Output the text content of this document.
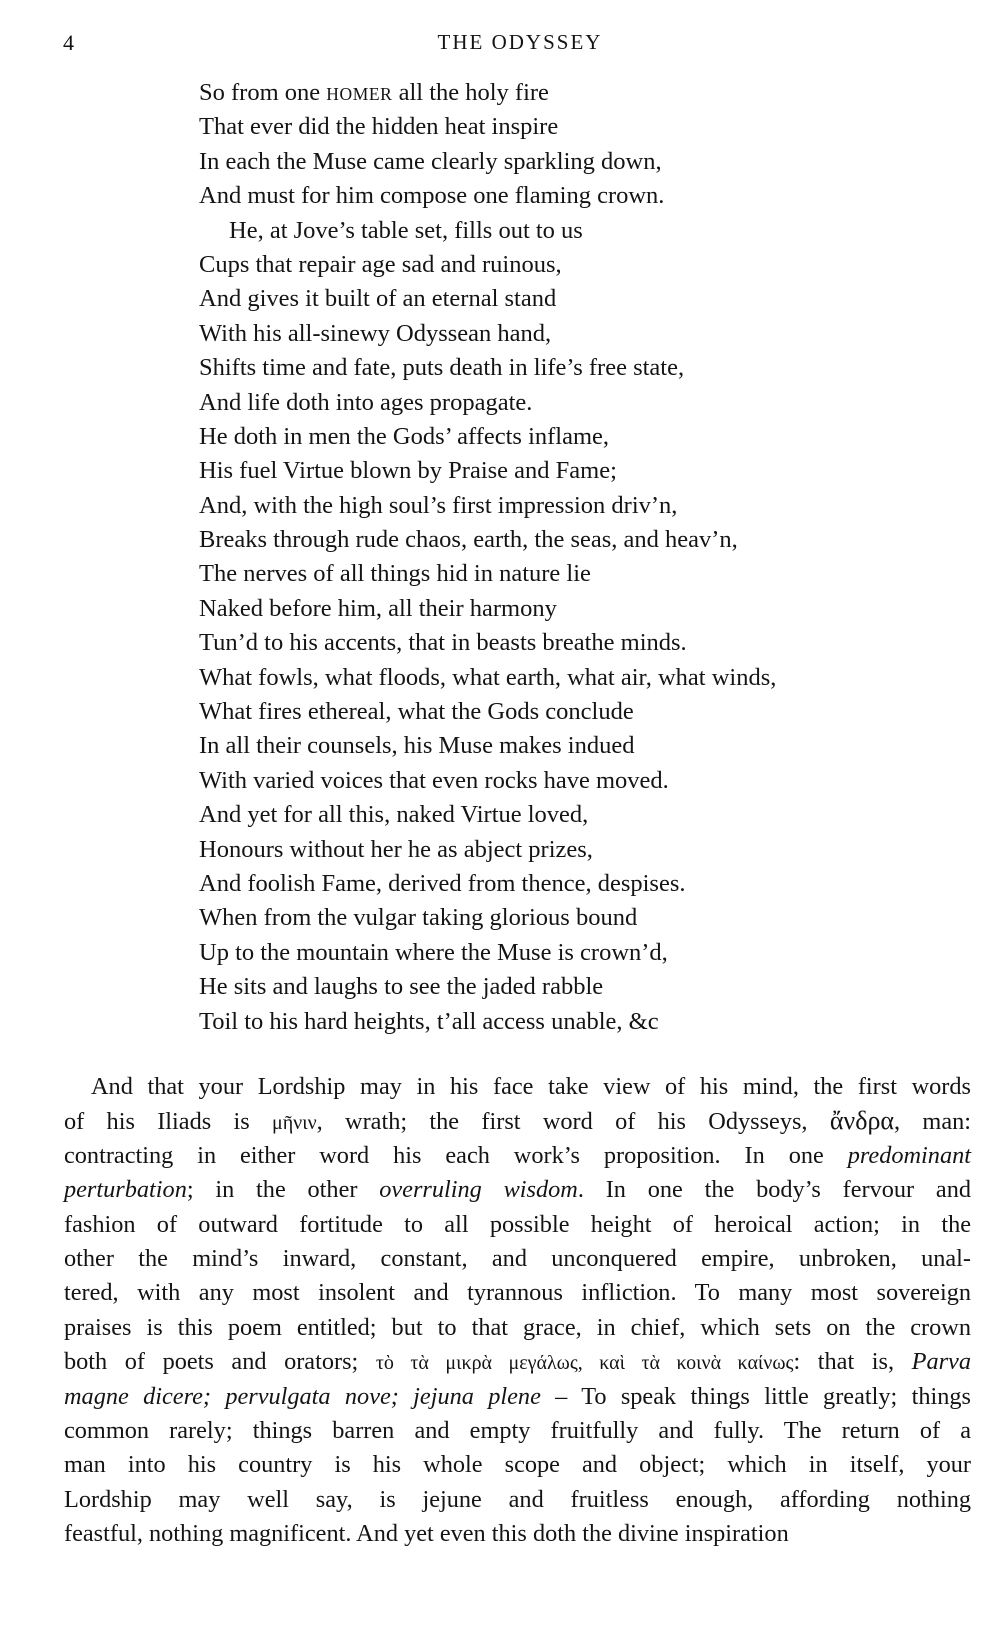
4	THE ODYSSEY
So from one HOMER all the holy fire
That ever did the hidden heat inspire
In each the Muse came clearly sparkling down,
And must for him compose one flaming crown.
He, at Jove’s table set, fills out to us
Cups that repair age sad and ruinous,
And gives it built of an eternal stand
With his all-sinewy Odyssean hand,
Shifts time and fate, puts death in life’s free state,
And life doth into ages propagate.
He doth in men the Gods’ affects inflame,
His fuel Virtue blown by Praise and Fame;
And, with the high soul’s first impression driv’n,
Breaks through rude chaos, earth, the seas, and heav’n,
The nerves of all things hid in nature lie
Naked before him, all their harmony
Tun’d to his accents, that in beasts breathe minds.
What fowls, what floods, what earth, what air, what winds,
What fires ethereal, what the Gods conclude
In all their counsels, his Muse makes indued
With varied voices that even rocks have moved.
And yet for all this, naked Virtue loved,
Honours without her he as abject prizes,
And foolish Fame, derived from thence, despises.
When from the vulgar taking glorious bound
Up to the mountain where the Muse is crown’d,
He sits and laughs to see the jaded rabble
Toil to his hard heights, t’all access unable, &c
And that your Lordship may in his face take view of his mind, the first words
of his Iliads is μῆνιν, wrath; the first word of his Odysseys, ἄνδρα, man:
contracting in either word his each work’s proposition. In one predominant
perturbation; in the other overruling wisdom. In one the body’s fervour and
fashion of outward fortitude to all possible height of heroical action; in the
other the mind’s inward, constant, and unconquered empire, unbroken, unal-
tered, with any most insolent and tyrannous infliction. To many most sovereign
praises is this poem entitled; but to that grace, in chief, which sets on the crown
both of poets and orators; τὸ τὰ μικρὰ μεγάλως, καὶ τὰ κοινὰ καίνως: that is, Parva
magne dicere; pervulgata nove; jejuna plene – To speak things little greatly; things
common rarely; things barren and empty fruitfully and fully. The return of a
man into his country is his whole scope and object; which in itself, your
Lordship may well say, is jejune and fruitless enough, affording nothing
feastful, nothing magnificent. And yet even this doth the divine inspiration
